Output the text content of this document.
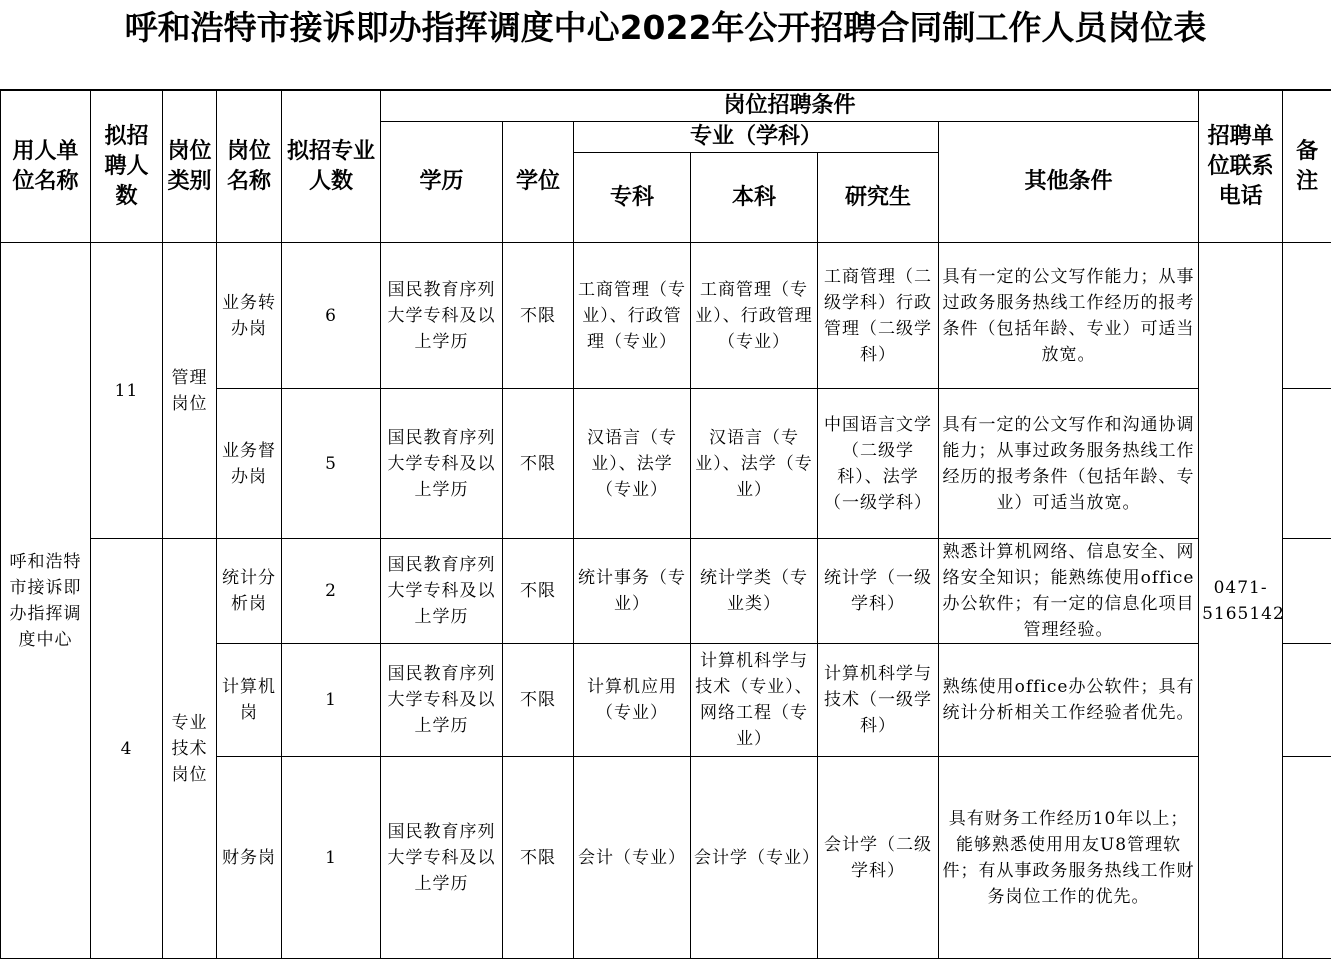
呼和浩特市接诉即办指挥调度中心2022年公开招聘合同制工作人员岗位表
用人单位名称	拟招聘人数	岗位类别	岗位名称	拟招专业人数	岗位招聘条件						招聘单位联系电话	备注
					学历	学位	专业（学科）			其他条件		
							专科	本科	研究生			
呼和浩特市接诉即办指挥调度中心	11	管理岗位	业务转办岗	6	国民教育序列大学专科及以上学历	不限	工商管理（专业）、行政管理（专业）	工商管理（专业）、行政管理（专业）	工商管理（二级学科）行政管理（二级学科）	具有一定的公文写作能力；从事过政务服务热线工作经历的报考条件（包括年龄、专业）可适当放宽。	0471-5165142	
			业务督办岗	5	国民教育序列大学专科及以上学历	不限	汉语言（专业）、法学（专业）	汉语言（专业）、法学（专业）	中国语言文学（二级学科）、法学（一级学科）	具有一定的公文写作和沟通协调能力；从事过政务服务热线工作经历的报考条件（包括年龄、专业）可适当放宽。		
	4	专业技术岗位	统计分析岗	2	国民教育序列大学专科及以上学历	不限	统计事务（专业）	统计学类（专业类）	统计学（一级学科）	熟悉计算机网络、信息安全、网络安全知识；能熟练使用office办公软件；有一定的信息化项目管理经验。		
			计算机岗	1	国民教育序列大学专科及以上学历	不限	计算机应用（专业）	计算机科学与技术（专业）、网络工程（专业）	计算机科学与技术（一级学科）	熟练使用office办公软件；具有统计分析相关工作经验者优先。		
			财务岗	1	国民教育序列大学专科及以上学历	不限	会计（专业）	会计学（专业）	会计学（二级学科）	具有财务工作经历10年以上；能够熟悉使用用友U8管理软件；有从事政务服务热线工作财务岗位工作的优先。		
